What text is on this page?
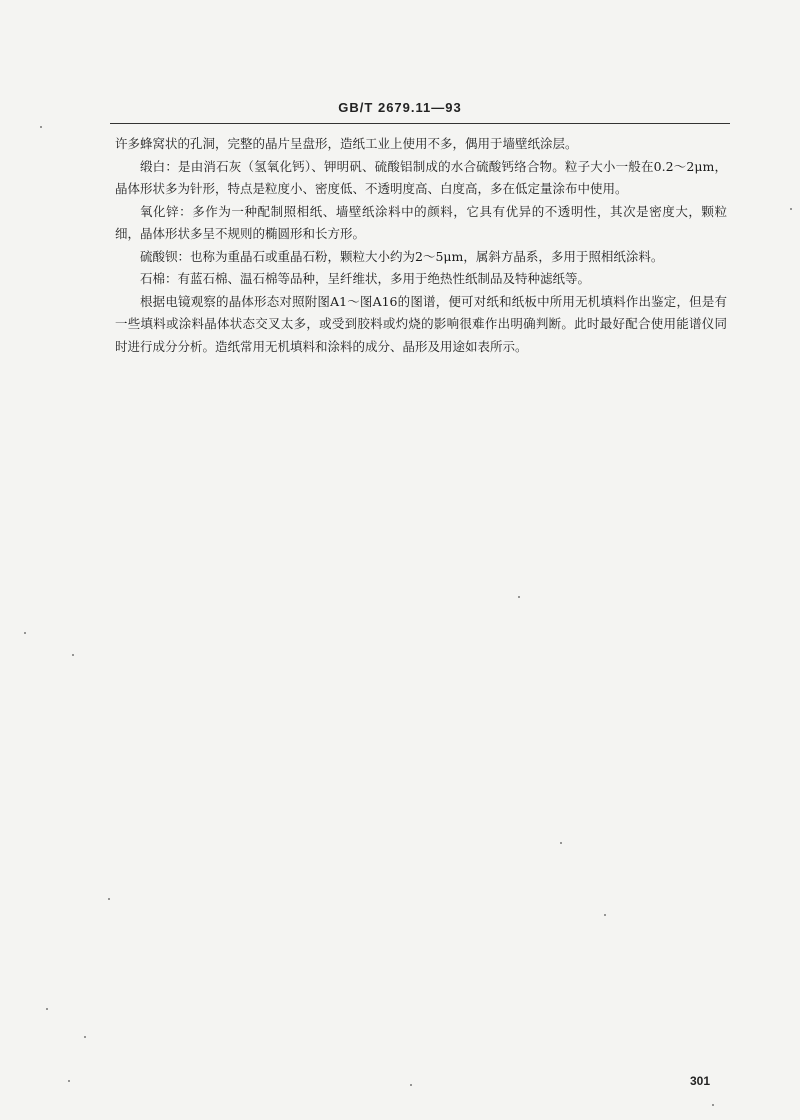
GB/T 2679.11—93

许多蜂窝状的孔洞，完整的晶片呈盘形，造纸工业上使用不多，偶用于墙壁纸涂层。

缎白：是由消石灰（氢氧化钙）、钾明矾、硫酸铝制成的水合硫酸钙络合物。粒子大小一般在0.2～2μm，晶体形状多为针形，特点是粒度小、密度低、不透明度高、白度高，多在低定量涂布中使用。

氧化锌：多作为一种配制照相纸、墙壁纸涂料中的颜料，它具有优异的不透明性，其次是密度大，颗粒细，晶体形状多呈不规则的椭圆形和长方形。

硫酸钡：也称为重晶石或重晶石粉，颗粒大小约为2～5μm，属斜方晶系，多用于照相纸涂料。

石棉：有蓝石棉、温石棉等品种，呈纤维状，多用于绝热性纸制品及特种滤纸等。

根据电镜观察的晶体形态对照附图A1～图A16的图谱，便可对纸和纸板中所用无机填料作出鉴定，但是有一些填料或涂料晶体状态交叉太多，或受到胶料或灼烧的影响很难作出明确判断。此时最好配合使用能谱仪同时进行成分分析。造纸常用无机填料和涂料的成分、晶形及用途如表所示。

301
